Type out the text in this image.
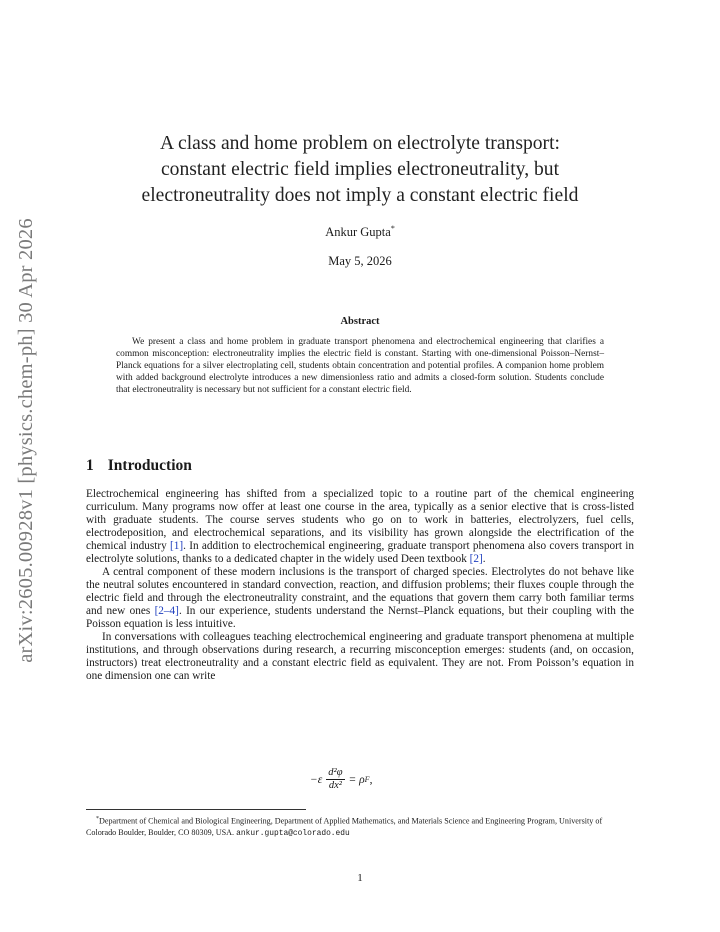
arXiv:2605.00928v1 [physics.chem-ph] 30 Apr 2026
A class and home problem on electrolyte transport:
constant electric field implies electroneutrality, but
electroneutrality does not imply a constant electric field
Ankur Gupta*
May 5, 2026
Abstract
We present a class and home problem in graduate transport phenomena and electrochemical engineering that clarifies a common misconception: electroneutrality implies the electric field is constant. Starting with one-dimensional Poisson–Nernst–Planck equations for a silver electroplating cell, students obtain concentration and potential profiles. A companion home problem with added background electrolyte introduces a new dimensionless ratio and admits a closed-form solution. Students conclude that electroneutrality is necessary but not sufficient for a constant electric field.
1 Introduction

Electrochemical engineering has shifted from a specialized topic to a routine part of the chemical engineering curriculum. Many programs now offer at least one course in the area, typically as a senior elective that is cross-listed with graduate students. The course serves students who go on to work in batteries, electrolyzers, fuel cells, electrodeposition, and electrochemical separations, and its visibility has grown alongside the electrification of the chemical industry [1]. In addition to electrochemical engineering, graduate transport phenomena also covers transport in electrolyte solutions, thanks to a dedicated chapter in the widely used Deen textbook [2].

A central component of these modern inclusions is the transport of charged species. Electrolytes do not behave like the neutral solutes encountered in standard convection, reaction, and diffusion problems; their fluxes couple through the electric field and through the electroneutrality constraint, and the equations that govern them carry both familiar terms and new ones [2–4]. In our experience, students understand the Nernst–Planck equations, but their coupling with the Poisson equation is less intuitive.

In conversations with colleagues teaching electrochemical engineering and graduate transport phenomena at multiple institutions, and through observations during research, a recurring misconception emerges: students (and, on occasion, instructors) treat electroneutrality and a constant electric field as equivalent. They are not. From Poisson’s equation in one dimension one can write

$-\varepsilon \frac{\text{d²φ}}{\text{dx²}} = \rho$ F ,
*Department of Chemical and Biological Engineering, Department of Applied Mathematics, and Materials Science and Engineering Program, University of Colorado Boulder, Boulder, CO 80309, USA. ankur.gupta@colorado.edu
1
